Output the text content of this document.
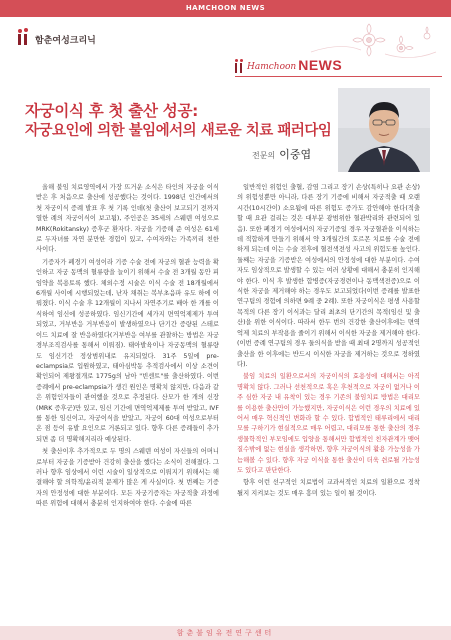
HAMCHOON NEWS
함춘여성크리닉
Hamchoon NEWS
자궁이식 후 첫 출산 성공:
자궁요인에 의한 불임에서의 새로운 치료 패러다임
전문의 이중엽

올해 불임 치료영역에서 가장 뜨거운 소식은 타인의 자궁을 이식받은 후 처음으로 출산에 성공했다는 것이다. 1998년 인간에서의 첫 자궁이식 증례 발표 후 첫 기록 인데(첫 출산이 보고되기 전까지 열한 례의 자궁이식이 보고됨), 주인공은 35세의 스웨덴 여성으로 MRK(Rokitansky) 증후군 환자다. 자궁을 기증해 준 여성은 61세로 두자녀를 자연 분만한 경험이 있고, 수여자와는 가족끼리 친한 사이다.

기증자가 폐경기 여성이라 기증 수술 전에 자궁의 혈관 능력을 확인하고 자궁 동맥의 혈류량을 늘이기 위해서 수술 전 3개월 동안 피임약을 복용토록 했다. 체외수정 시술은 이식 수술 전 18개월에서 6개월 사이에 시행되었는데, 난자 채취는 복부초음파 유도 하에 이뤄졌다. 이식 수술 후 12개월이 지나서 자연주기로 배아 한 개를 이식하여 임신에 성공하였다. 임신기간에 세가지 면역억제제가 투여되었고, 거부반응 거부반응이 발생하였으나 단기간 증량된 스테로이드 치료에 잘 반응하였다(거부반응 여부를 관찰하는 방법은 자궁경부조직검사를 통해서 이뤄짐). 태아발육이나 자궁동맥의 혈류량도 임신기간 정상범위내로 유지되었다. 31주 5일에 pre-eclampsia로 입원하였고, 태아심박동 추적검사에서 이상 소견이 확인되어 제왕절개로 1775g의 남아 "빈센트"를 출산하였다. 이번 증례에서 pre-eclampsia가 생긴 원인은 명확치 않지만, 다음과 같은 위험인자들이 관여했을 것으로 추정된다. 산모가 한 개의 신장(MRK 증후군)만 있고, 임신 기간에 면역억제제를 투여 받았고, IVF를 통한 임신이고, 자궁이식을 받았고, 자궁이 60대 여성으로부터 온 점 등이 유발 요인으로 거론되고 있다. 향후 다른 증례들이 추가되면 좀 더 명확해지리라 예상된다.

첫 출산이후 추가적으로 두 명의 스웨덴 여성이 자신들의 어머니로부터 자궁을 기증받아 건강히 출산을 했다는 소식이 전해졌다. 그러나 향후 임상에서 이런 시술이 일상적으로 이뤄지기 위해서는 해결해야 할 의학적/윤리적 문제가 많은 게 사실이다. 첫 번째는 기증자의 안정성에 대한 부분이다. 모든 자궁기증자는 자궁적출 과정에 따른 위험에 대해서 충분히 인지하여야 한다. 수술에 따른

일반적인 위험인 출혈, 감염 그리고 장기 손상(특히나 요관 손상)의 위험성뿐만 아니라, 다른 장기 기증에 비해서 자궁적출 때 오랜 시간(10시간이) 소요됨에 따른 위험도 증가도 감안해야 한다(적출할 때 요관 걸리는 것은 대부분 광범위한 혈관박리와 관련되어 있음). 또한 폐경기 여성에서의 자궁기증일 경우 자궁혈관을 이식하는데 적합하게 만들기 위해서 약 3개월간의 호르몬 치료를 수술 전에 하게 되는데 이는 수술 전후에 혈전색전성 사고의 위험도를 높인다. 둘째는 자궁을 기증받은 여성에서의 안정성에 대한 부분이다. 수여자도 임상적으로 발생할 수 있는 여러 상황에 대해서 충분히 인지해야 한다. 이식 후 발생한 합병증(자궁경련이나 동맥색전증)으로 이식한 자궁을 제거해야 하는 경우도 보고되었다(이번 증례를 발표한 연구팀의 경험에 의하면 9례 중 2례). 또한 자궁이식은 평생 사용할 목적의 다른 장기 이식과는 달리 최초의 단기간의 목적(임신 및 출산)을 위한 이식이다. 따라서 한두 번의 건강한 출산이후에는 면역억제 치료의 부작용을 줄이기 위해서 이식한 자궁을 제거해야 한다. (이번 증례 연구팀의 경우 둘의식을 받을 때 최대 2명까지 성공적인 출산을 한 이후에는 반드시 이식한 자궁을 제거하는 것으로 정하였다).

불임 치료의 일환으로서의 자궁이식의 효용성에 대해서는 아직 명확치 않다. 그러나 선천적으로 혹은 후천적으로 자궁이 없거나 이주 심한 자궁 내 유착이 있는 경우 기존의 불임치료 방법은 대리모를 이용한 출산만이 가능했지만, 자궁이식은 이런 경우의 치료에 있어서 매우 혁신적인 변화라 할 수 있다. 합법적인 태루리에서 대리모를 구하기가 현실적으로 매우 어렵고, 대리모를 통한 출산의 경우 생물학적인 부모임에도 입양을 통해서만 합법적인 친자관계가 맺어질수밖에 없는 현실을 생각하면, 향후 자궁이식의 활용 가능성을 가늠해볼 수 있다. 향후 자궁 이식을 통한 출산이 더욱 쉰로될 가능성도 있다고 판단한다.

향후 이런 선구적인 치료법이 교과서적인 치료의 일환으로 정착될지 지켜보는 것도 매우 흥미 있는 일이 될 것이다.

함춘불임유전연구센터
